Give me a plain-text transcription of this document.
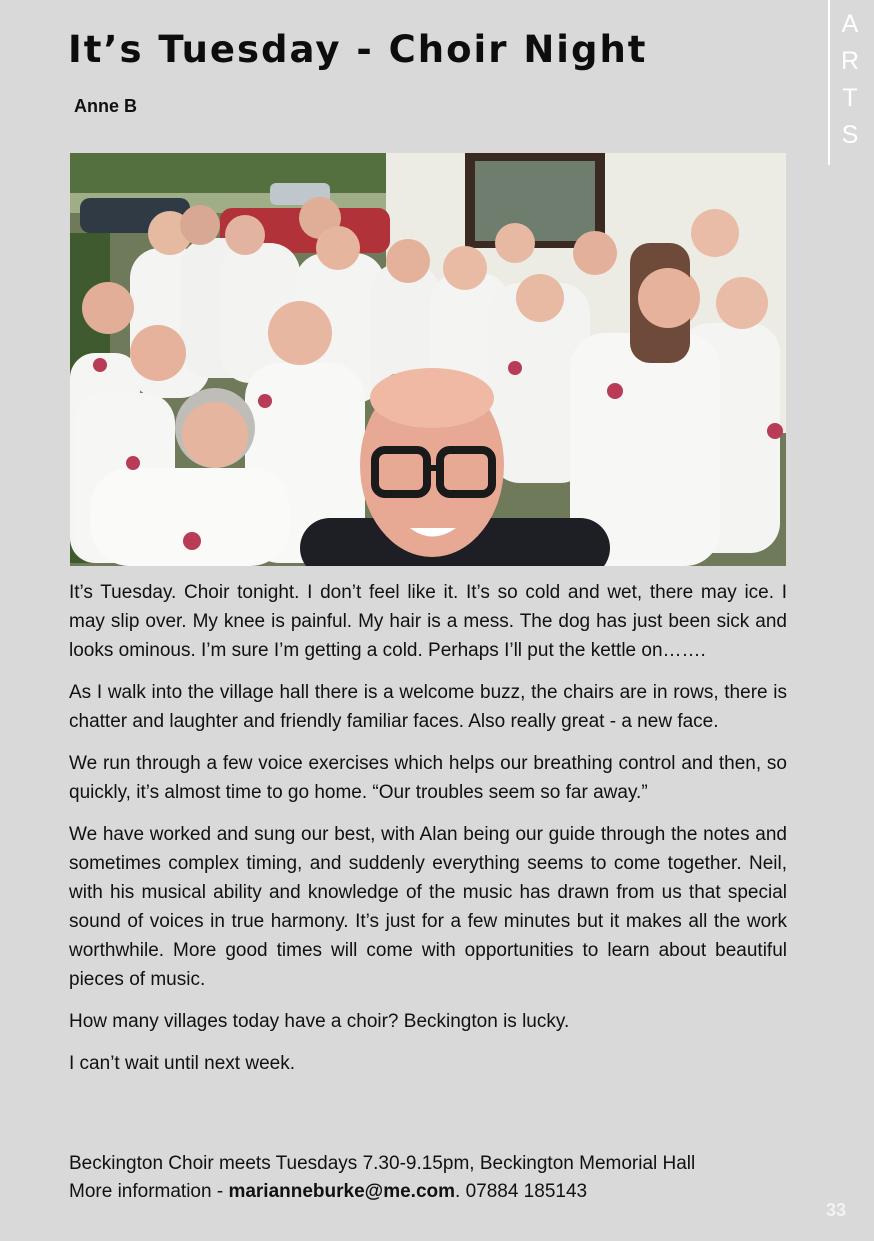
It’s Tuesday - Choir Night
Anne B
A
R
T
S

It’s Tuesday. Choir tonight. I don’t feel like it. It’s so cold and wet, there may ice. I may slip over. My knee is painful. My hair is a mess. The dog has just been sick and looks ominous. I’m sure I’m getting a cold. Perhaps I’ll put the kettle on…….

As I walk into the village hall there is a welcome buzz, the chairs are in rows, there is chatter and laughter and friendly familiar faces. Also really great - a new face.

We run through a few voice exercises which helps our breathing control and then, so quickly, it’s almost time to go home. “Our troubles seem so far away.”

We have worked and sung our best, with Alan being our guide through the notes and sometimes complex timing, and suddenly everything seems to come together. Neil, with his musical ability and knowledge of the music has drawn from us that special sound of voices in true harmony. It’s just for a few minutes but it makes all the work worthwhile. More good times will come with opportunities to learn about beautiful pieces of music.

How many villages today have a choir? Beckington is lucky.

I can’t wait until next week.

Beckington Choir meets Tuesdays 7.30-9.15pm, Beckington Memorial Hall
More information - marianneburke@me.com. 07884 185143
33
